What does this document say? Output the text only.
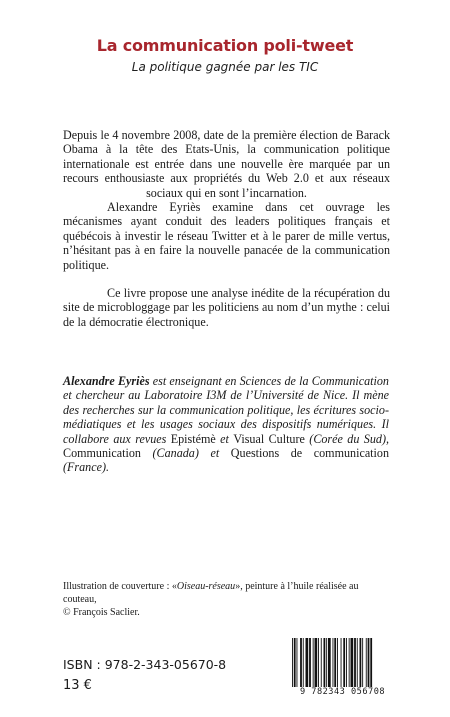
La communication poli-tweet
La politique gagnée par les TIC

Depuis le 4 novembre 2008, date de la première élection de Barack Obama à la tête des Etats-Unis, la communication politique internationale est entrée dans une nouvelle ère marquée par un recours enthousiaste aux propriétés du Web 2.0 et aux réseaux sociaux qui en sont l’incarnation.

Alexandre Eyriès examine dans cet ouvrage les mécanismes ayant conduit des leaders politiques français et québécois à investir le réseau Twitter et à le parer de mille vertus, n’hésitant pas à en faire la nouvelle panacée de la communication politique.

Ce livre propose une analyse inédite de la récupération du site de microbloggage par les politiciens au nom d’un mythe : celui de la démocratie électronique.

Alexandre Eyriès est enseignant en Sciences de la Communication et chercheur au Laboratoire I3M de l’Université de Nice. Il mène des recherches sur la communication politique, les écritures socio-médiatiques et les usages sociaux des dispositifs numériques. Il collabore aux revues Epistémè et Visual Culture (Corée du Sud), Communication (Canada) et Questions de communication (France).
Illustration de couverture : «Oiseau-réseau», peinture à l’huile réalisée au couteau,
© François Saclier.
ISBN : 978-2-343-05670-8
13 €	9 782343 056708
